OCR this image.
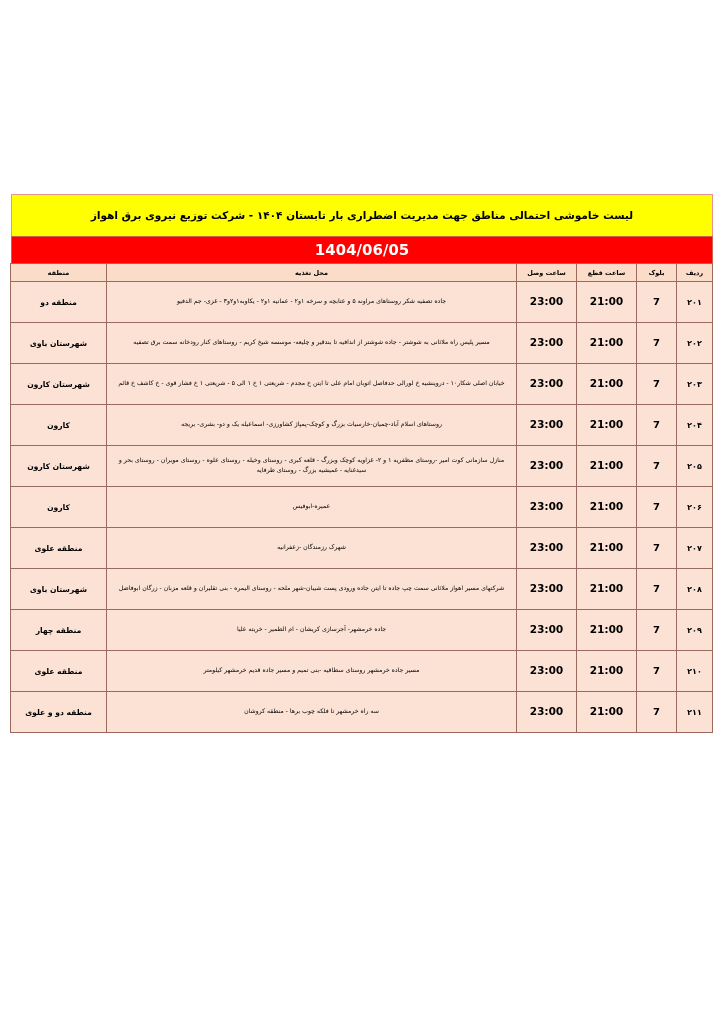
لیست خاموشی احتمالی مناطق جهت مدیریت اضطراری بار تابستان ۱۴۰۴ - شرکت توزیع نیروی برق اهواز
1404/06/05
ردیف	بلوک	ساعت قطع	ساعت وصل	محل تغذیه	منطقه
۲۰۱	7	21:00	23:00	جاده تصفیه شکر روستاهای مراونه ۵ و عتابچه و سرخه ۱و۲ - عمانیه ۱و۲ - یکاوبه۱و۲و۳ - غزی- جم الدفیو	منطقه دو
۲۰۲	7	21:00	23:00	مسیر پلیس راه ملاثانی به شوشتر - جاده شوشتر از اندافیه تا بندقیر و چلیعه- موسسه شیخ کریم - روستاهای کنار رودخانه سمت برق تصفیه	شهرستان باوی
۲۰۳	7	21:00	23:00	خیابان اصلی شکار۱۰ - دروینشیه خ لورالی حدفاصل اتوبان امام علی تا ایتن خ مجدم - شریعتی ۱ خ ۱ الی ۵ - شریعتی ۱ خ فشار قوی - خ کاشف خ قائم	شهرستان کارون
۲۰۴	7	21:00	23:00	روستاهای اسلام آباد-چمیان-خارسیات بزرگ و کوچک-پمپاژ کشاورزی- اسماعیله یک و دو- بشری- بریجه	کارون
۲۰۵	7	21:00	23:00	منازل سازمانی کوت امیر -روستای مظفریه ۱ و ۲- غزاویه کوچک وبزرگ - قلعه کبری - روستای وخیله - روستای علوه - روستای موبران - روستای بحر و سیدغنایه - غمیشیه بزرگ - روستای طرفایه	شهرستان کارون
۲۰۶	7	21:00	23:00	عمیره-ابوفیس	کارون
۲۰۷	7	21:00	23:00	شهرک رزمندگان -زعفرانیه	منطقه علوی
۲۰۸	7	21:00	23:00	شرکتهای مسیر اهواز ملاثانی سمت چپ جاده تا ایتن جاده ورودی پست شیبان-شهر ملحه - روستای الیمره - بنی تقلیران و قلعه مزبان - زرگان ابوفاضل	شهرستان باوی
۲۰۹	7	21:00	23:00	جاده خرمشهر- آجرسازی کریشان - ام الطمیر - خریته علیا	منطقه چهار
۲۱۰	7	21:00	23:00	مسیر جاده خرمشهر روستای سطاقیه -بنی تمیم و مسیر جاده قدیم خرمشهر کیلومتر	منطقه علوی
۲۱۱	7	21:00	23:00	سه راه خرمشهر تا فلکه چوب برها - منطقه کروشان	منطقه دو و علوی
